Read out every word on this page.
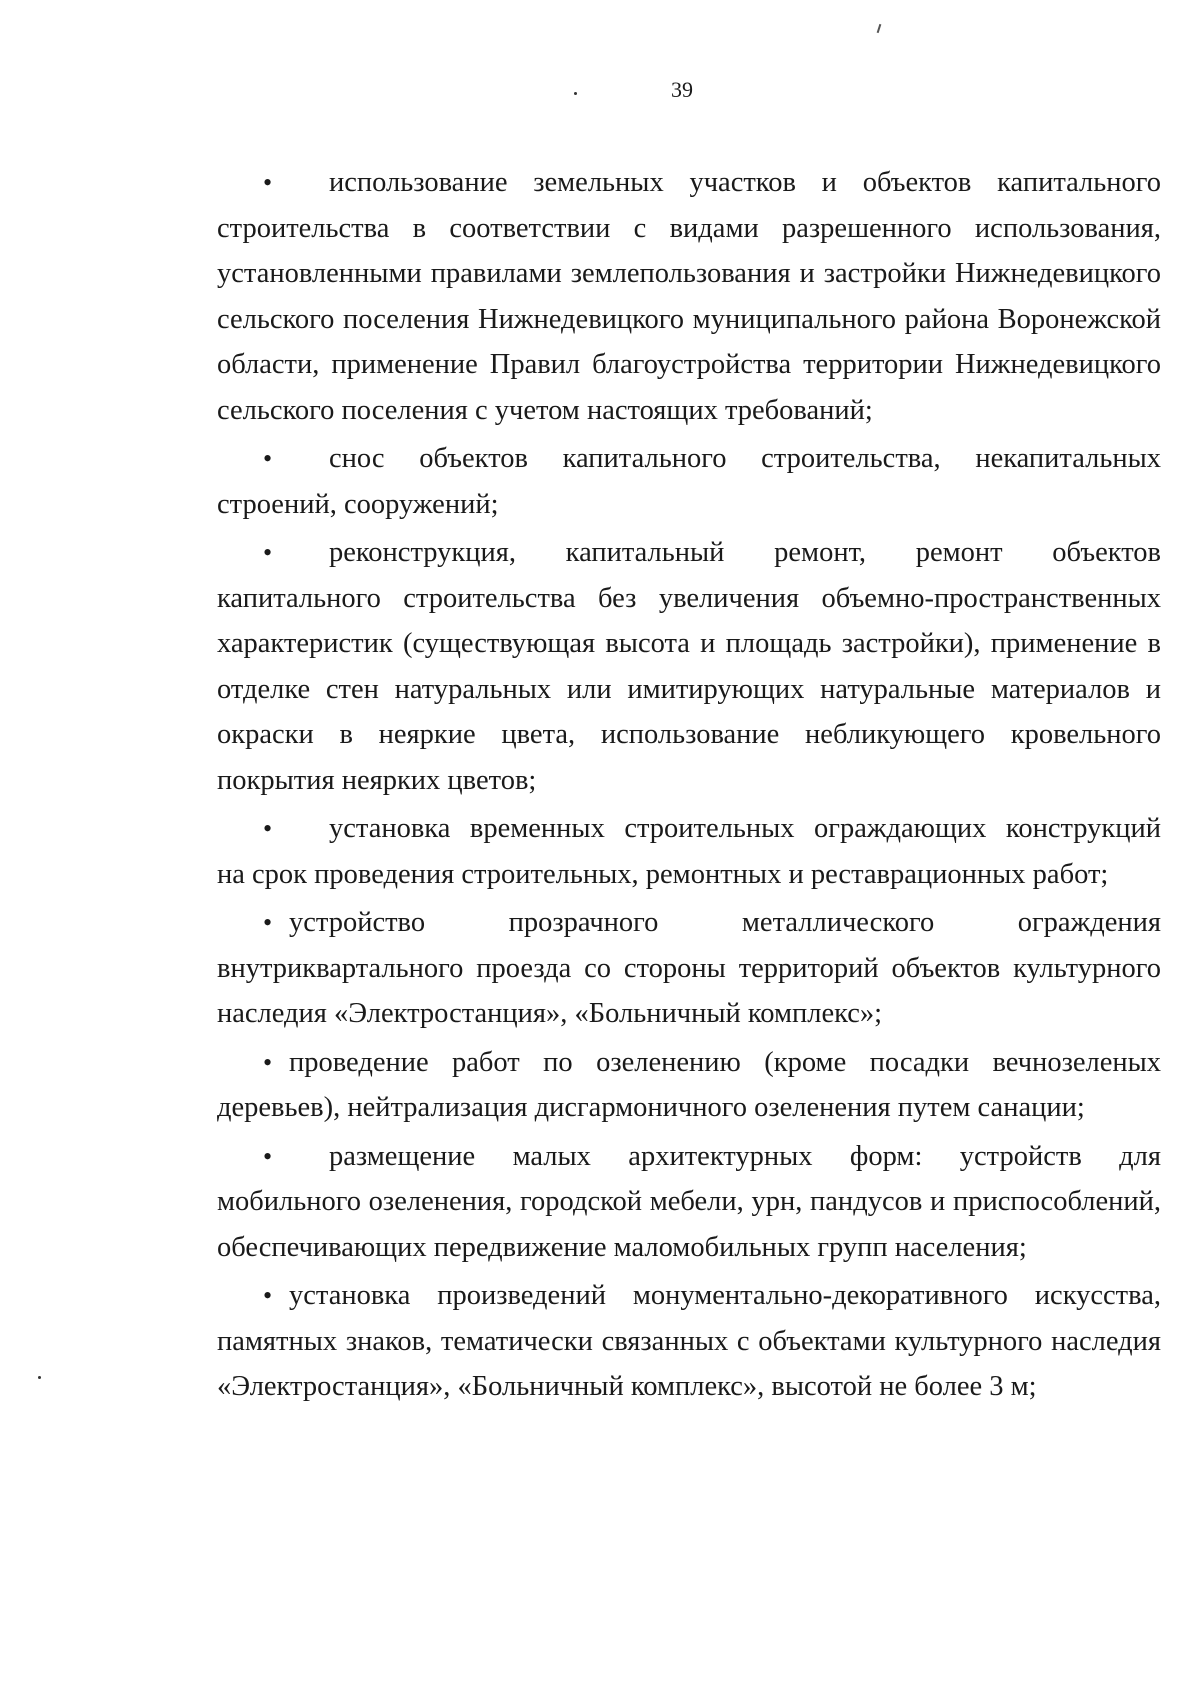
39
• использование земельных участков и объектов капитального
строительства в соответствии с видами разрешенного использования, установленными правилами землепользования и застройки Нижнедевицкого сельского поселения Нижнедевицкого муниципального района Воронежской области, применение Правил благоустройства территории Нижнедевицкого сельского поселения с учетом настоящих требований;
• снос объектов капитального строительства, некапитальных
строений, сооружений;
• реконструкция, капитальный ремонт, ремонт объектов
капитального строительства без увеличения объемно-пространственных характеристик (существующая высота и площадь застройки), применение в отделке стен натуральных или имитирующих натуральные материалов и окраски в неяркие цвета, использование небликующего кровельного покрытия неярких цветов;
• установка временных строительных ограждающих конструкций
на срок проведения строительных, ремонтных и реставрационных работ;
• устройство прозрачного металлического ограждения
внутриквартального проезда со стороны территорий объектов культурного наследия «Электростанция», «Больничный комплекс»;
• проведение работ по озеленению (кроме посадки вечнозеленых
деревьев), нейтрализация дисгармоничного озеленения путем санации;
• размещение малых архитектурных форм: устройств для
мобильного озеленения, городской мебели, урн, пандусов и приспособлений, обеспечивающих передвижение маломобильных групп населения;
• установка произведений монументально-декоративного искусства,
памятных знаков, тематически связанных с объектами культурного наследия «Электростанция», «Больничный комплекс», высотой не более 3 м;
